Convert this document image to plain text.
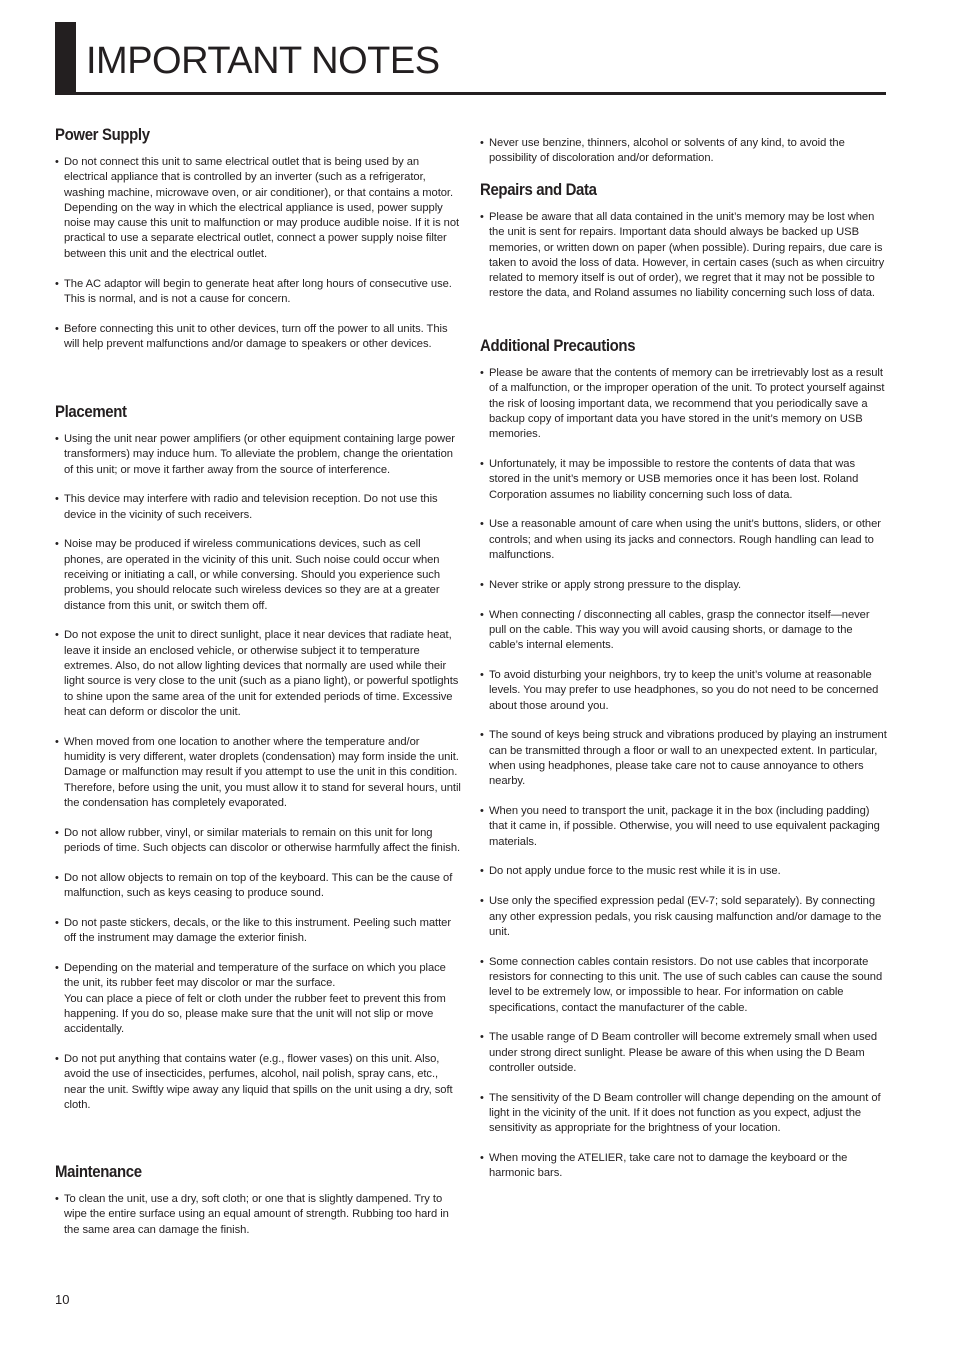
IMPORTANT NOTES
Power Supply
• Do not connect this unit to same electrical outlet that is being used by an electrical appliance that is controlled by an inverter (such as a refrigerator, washing machine, microwave oven, or air conditioner), or that contains a motor. Depending on the way in which the electrical appliance is used, power supply noise may cause this unit to malfunction or may produce audible noise. If it is not practical to use a separate electrical outlet, connect a power supply noise filter between this unit and the electrical outlet.
• The AC adaptor will begin to generate heat after long hours of consecutive use. This is normal, and is not a cause for concern.
• Before connecting this unit to other devices, turn off the power to all units. This will help prevent malfunctions and/or damage to speakers or other devices.
Placement
• Using the unit near power amplifiers (or other equipment containing large power transformers) may induce hum. To alleviate the problem, change the orientation of this unit; or move it farther away from the source of interference.
• This device may interfere with radio and television reception. Do not use this device in the vicinity of such receivers.
• Noise may be produced if wireless communications devices, such as cell phones, are operated in the vicinity of this unit. Such noise could occur when receiving or initiating a call, or while conversing. Should you experience such problems, you should relocate such wireless devices so they are at a greater distance from this unit, or switch them off.
• Do not expose the unit to direct sunlight, place it near devices that radiate heat, leave it inside an enclosed vehicle, or otherwise subject it to temperature extremes. Also, do not allow lighting devices that normally are used while their light source is very close to the unit (such as a piano light), or powerful spotlights to shine upon the same area of the unit for extended periods of time. Excessive heat can deform or discolor the unit.
• When moved from one location to another where the temperature and/or humidity is very different, water droplets (condensation) may form inside the unit. Damage or malfunction may result if you attempt to use the unit in this condition. Therefore, before using the unit, you must allow it to stand for several hours, until the condensation has completely evaporated.
• Do not allow rubber, vinyl, or similar materials to remain on this unit for long periods of time. Such objects can discolor or otherwise harmfully affect the finish.
• Do not allow objects to remain on top of the keyboard. This can be the cause of malfunction, such as keys ceasing to produce sound.
• Do not paste stickers, decals, or the like to this instrument. Peeling such matter off the instrument may damage the exterior finish.
• Depending on the material and temperature of the surface on which you place the unit, its rubber feet may discolor or mar the surface.
You can place a piece of felt or cloth under the rubber feet to prevent this from happening. If you do so, please make sure that the unit will not slip or move accidentally.
• Do not put anything that contains water (e.g., flower vases) on this unit. Also, avoid the use of insecticides, perfumes, alcohol, nail polish, spray cans, etc., near the unit. Swiftly wipe away any liquid that spills on the unit using a dry, soft cloth.
Maintenance
• To clean the unit, use a dry, soft cloth; or one that is slightly dampened. Try to wipe the entire surface using an equal amount of strength. Rubbing too hard in the same area can damage the finish.
• Never use benzine, thinners, alcohol or solvents of any kind, to avoid the possibility of discoloration and/or deformation.
Repairs and Data
• Please be aware that all data contained in the unit’s memory may be lost when the unit is sent for repairs. Important data should always be backed up USB memories, or written down on paper (when possible). During repairs, due care is taken to avoid the loss of data. However, in certain cases (such as when circuitry related to memory itself is out of order), we regret that it may not be possible to restore the data, and Roland assumes no liability concerning such loss of data.
Additional Precautions
• Please be aware that the contents of memory can be irretrievably lost as a result of a malfunction, or the improper operation of the unit. To protect yourself against the risk of loosing important data, we recommend that you periodically save a backup copy of important data you have stored in the unit’s memory on USB memories.
• Unfortunately, it may be impossible to restore the contents of data that was stored in the unit’s memory or USB memories once it has been lost. Roland Corporation assumes no liability concerning such loss of data.
• Use a reasonable amount of care when using the unit’s buttons, sliders, or other controls; and when using its jacks and connectors. Rough handling can lead to malfunctions.
• Never strike or apply strong pressure to the display.
• When connecting / disconnecting all cables, grasp the connector itself—never pull on the cable. This way you will avoid causing shorts, or damage to the cable’s internal elements.
• To avoid disturbing your neighbors, try to keep the unit’s volume at reasonable levels. You may prefer to use headphones, so you do not need to be concerned about those around you.
• The sound of keys being struck and vibrations produced by playing an instrument can be transmitted through a floor or wall to an unexpected extent. In particular, when using headphones, please take care not to cause annoyance to others nearby.
• When you need to transport the unit, package it in the box (including padding) that it came in, if possible. Otherwise, you will need to use equivalent packaging materials.
• Do not apply undue force to the music rest while it is in use.
• Use only the specified expression pedal (EV-7; sold separately). By connecting any other expression pedals, you risk causing malfunction and/or damage to the unit.
• Some connection cables contain resistors. Do not use cables that incorporate resistors for connecting to this unit. The use of such cables can cause the sound level to be extremely low, or impossible to hear. For information on cable specifications, contact the manufacturer of the cable.
• The usable range of D Beam controller will become extremely small when used under strong direct sunlight. Please be aware of this when using the D Beam controller outside.
• The sensitivity of the D Beam controller will change depending on the amount of light in the vicinity of the unit. If it does not function as you expect, adjust the sensitivity as appropriate for the brightness of your location.
• When moving the ATELIER, take care not to damage the keyboard or the harmonic bars.
10
